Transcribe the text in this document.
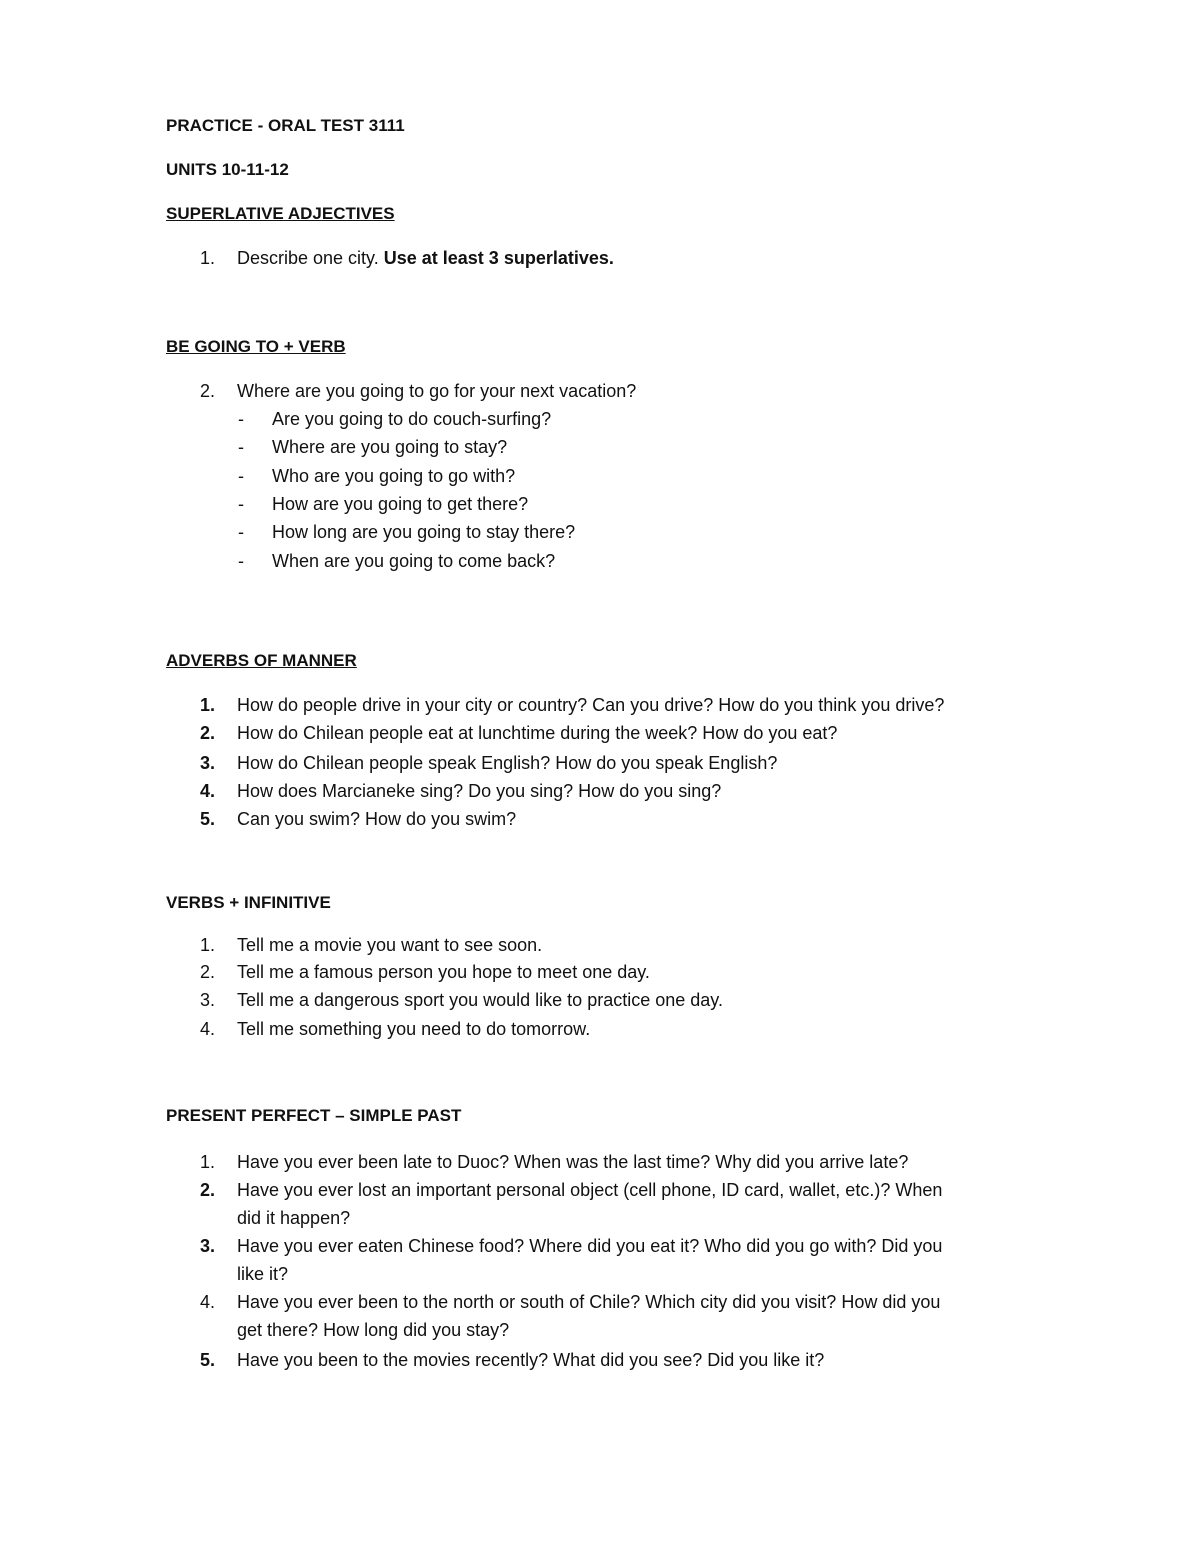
PRACTICE - ORAL TEST 3111
UNITS 10-11-12
SUPERLATIVE ADJECTIVES
1.	Describe one city. Use at least 3 superlatives.
BE GOING TO + VERB
2.	Where are you going to go for your next vacation?
-	Are you going to do couch-surfing?
-	Where are you going to stay?
-	Who are you going to go with?
-	How are you going to get there?
-	How long are you going to stay there?
-	When are you going to come back?
ADVERBS OF MANNER
1.	How do people drive in your city or country? Can you drive? How do you think you drive?
2.	How do Chilean people eat at lunchtime during the week? How do you eat?
3.	How do Chilean people speak English? How do you speak English?
4.	How does Marcianeke sing? Do you sing? How do you sing?
5.	Can you swim? How do you swim?
VERBS + INFINITIVE
1.	Tell me a movie you want to see soon.
2.	Tell me a famous person you hope to meet one day.
3.	Tell me a dangerous sport you would like to practice one day.
4.	Tell me something you need to do tomorrow.
PRESENT PERFECT – SIMPLE PAST
1.	Have you ever been late to Duoc? When was the last time? Why did you arrive late?
2.	Have you ever lost an important personal object (cell phone, ID card, wallet, etc.)? When
did it happen?
3.	Have you ever eaten Chinese food? Where did you eat it? Who did you go with? Did you
like it?
4.	Have you ever been to the north or south of Chile? Which city did you visit? How did you
get there? How long did you stay?
5.	Have you been to the movies recently? What did you see? Did you like it?
